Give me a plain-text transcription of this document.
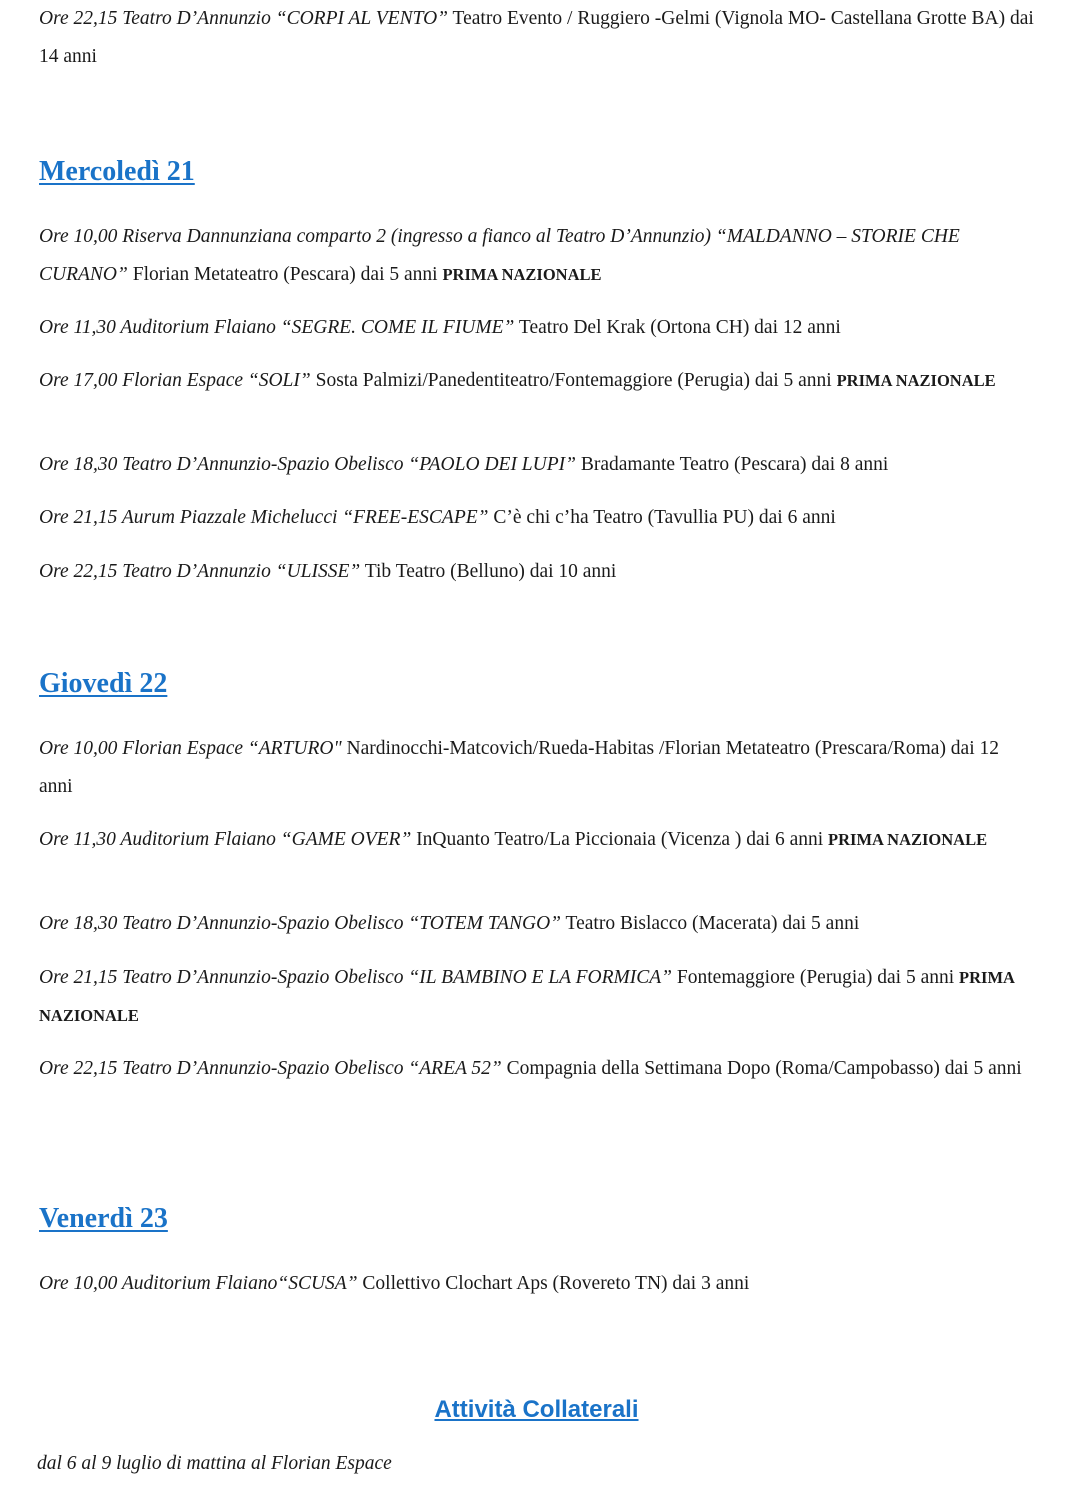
Ore 22,15 Teatro D’Annunzio “CORPI AL VENTO” Teatro Evento / Ruggiero -Gelmi (Vignola MO- Castellana Grotte BA) dai 14 anni

Mercoledì 21

Ore 10,00 Riserva Dannunziana comparto 2 (ingresso a fianco al Teatro D’Annunzio) “MALDANNO – STORIE CHE CURANO” Florian Metateatro (Pescara) dai 5 anni PRIMA NAZIONALE

Ore 11,30 Auditorium Flaiano “SEGRE. COME IL FIUME” Teatro Del Krak (Ortona CH) dai 12 anni

Ore 17,00 Florian Espace “SOLI” Sosta Palmizi/Panedentiteatro/Fontemaggiore (Perugia) dai 5 anni PRIMA NAZIONALE

Ore 18,30 Teatro D’Annunzio-Spazio Obelisco “PAOLO DEI LUPI” Bradamante Teatro (Pescara) dai 8 anni

Ore 21,15 Aurum Piazzale Michelucci “FREE-ESCAPE” C’è chi c’ha Teatro (Tavullia PU) dai 6 anni

Ore 22,15 Teatro D’Annunzio “ULISSE” Tib Teatro (Belluno) dai 10 anni

Giovedì 22

Ore 10,00 Florian Espace “ARTURO" Nardinocchi-Matcovich/Rueda-Habitas /Florian Metateatro (Prescara/Roma) dai 12 anni

Ore 11,30 Auditorium Flaiano “GAME OVER” InQuanto Teatro/La Piccionaia (Vicenza ) dai 6 anni PRIMA NAZIONALE

Ore 18,30 Teatro D’Annunzio-Spazio Obelisco “TOTEM TANGO” Teatro Bislacco (Macerata) dai 5 anni

Ore 21,15 Teatro D’Annunzio-Spazio Obelisco “IL BAMBINO E LA FORMICA” Fontemaggiore (Perugia) dai 5 anni PRIMA NAZIONALE

Ore 22,15 Teatro D’Annunzio-Spazio Obelisco “AREA 52” Compagnia della Settimana Dopo (Roma/Campobasso) dai 5 anni

Venerdì 23

Ore 10,00 Auditorium Flaiano“SCUSA” Collettivo Clochart Aps (Rovereto TN) dai 3 anni

Attività Collaterali

dal 6 al 9 luglio di mattina al Florian Espace
